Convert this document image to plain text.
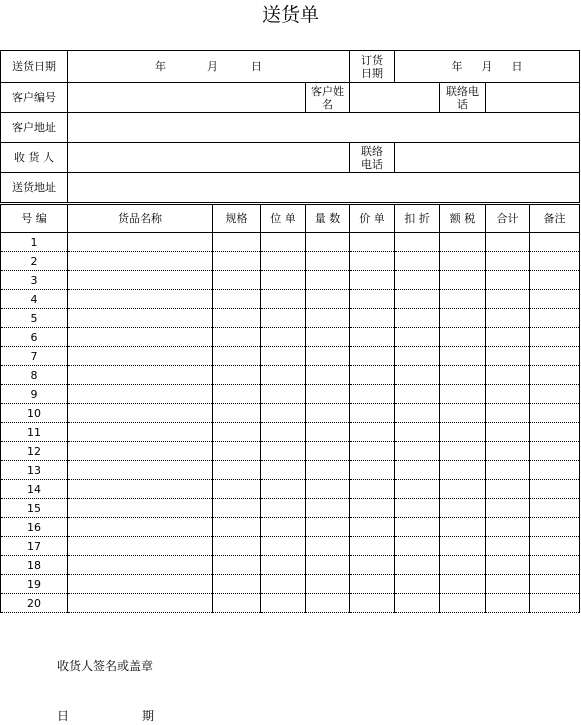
送货单
送货日期	年 月 日		订货日期	年 月 日		
客户编号		客户姓名			联络电话	
客户地址						
收 货 人			联络电话			
送货地址						
号 编	货品名称	规格	位 单	量 数	价 单	扣 折	额 税	合计	备注
1									
2									
3									
4									
5									
6									
7									
8									
9									
10									
11									
12									
13									
14									
15									
16									
17									
18									
19									
20									
收货人签名或盖章
日	期
